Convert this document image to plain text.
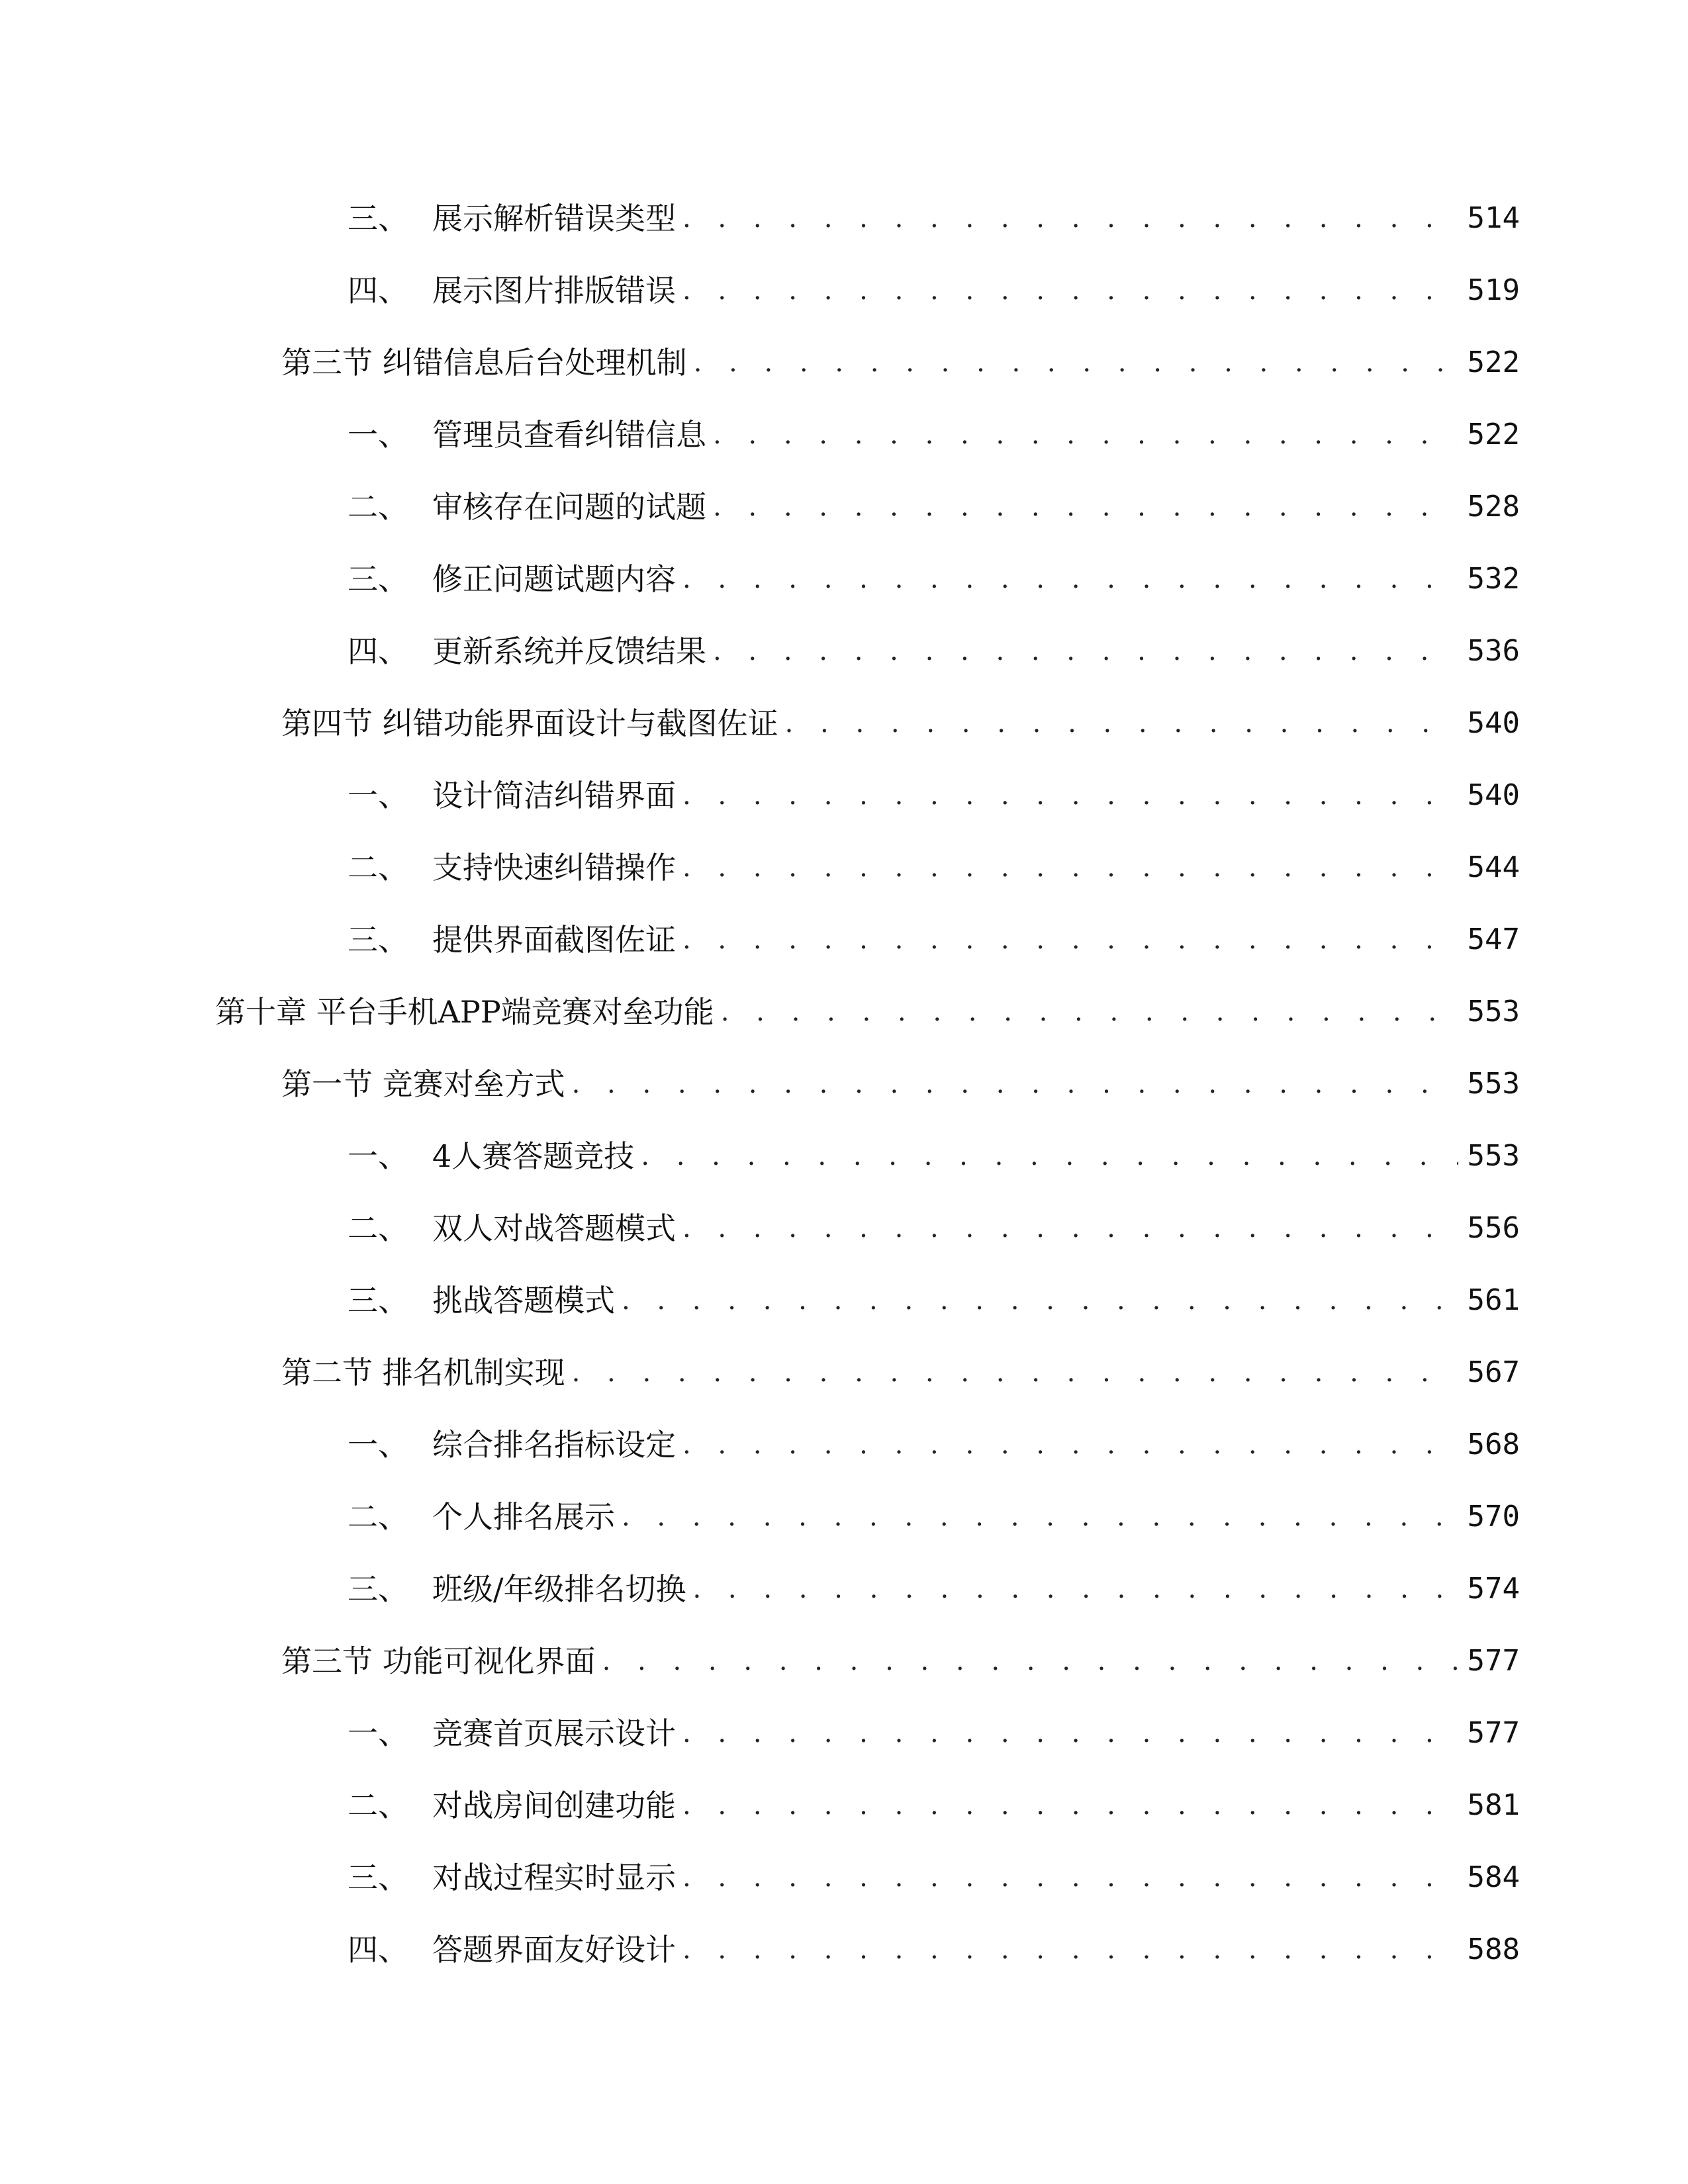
三、 展示解析错误类型 . . .	514
四、 展示图片排版错误 . . .	519
第三节 纠错信息后台处理机制 . . .	522
一、 管理员查看纠错信息 . . .	522
二、 审核存在问题的试题 . . .	528
三、 修正问题试题内容 . . .	532
四、 更新系统并反馈结果 . . .	536
第四节 纠错功能界面设计与截图佐证 . . .	540
一、 设计简洁纠错界面 . . .	540
二、 支持快速纠错操作 . . .	544
三、 提供界面截图佐证 . . .	547
第十章 平台手机APP端竞赛对垒功能 . . .	553
第一节 竞赛对垒方式 . . .	553
一、 4人赛答题竞技 . . .	553
二、 双人对战答题模式 . . .	556
三、 挑战答题模式 . . .	561
第二节 排名机制实现 . . .	567
一、 综合排名指标设定 . . .	568
二、 个人排名展示 . . .	570
三、 班级/年级排名切换 . . .	574
第三节 功能可视化界面 . . .	577
一、 竞赛首页展示设计 . . .	577
二、 对战房间创建功能 . . .	581
三、 对战过程实时显示 . . .	584
四、 答题界面友好设计 . . .	588
